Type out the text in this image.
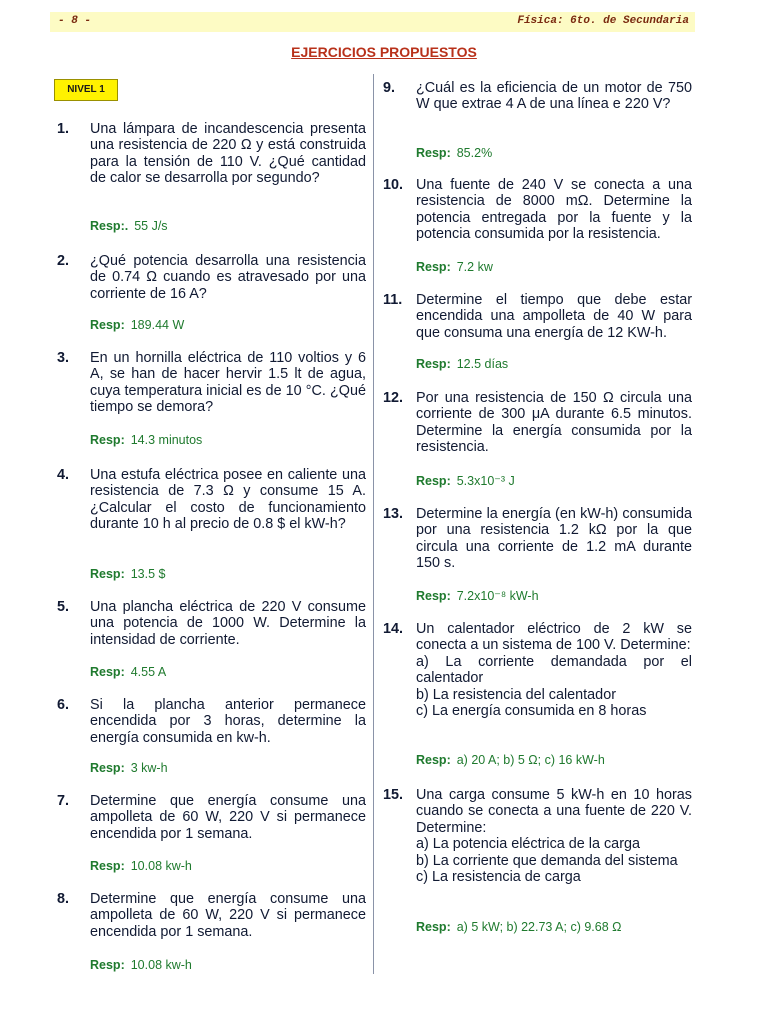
- 8 -	Física: 6to. de Secundaria
EJERCICIOS PROPUESTOS
NIVEL 1
1. Una lámpara de incandescencia presenta una resistencia de 220 Ω y está construida para la tensión de 110 V. ¿Qué cantidad de calor se desarrolla por segundo?
Resp:. 55 J/s
2. ¿Qué potencia desarrolla una resistencia de 0.74 Ω cuando es atravesado por una corriente de 16 A?
Resp: 189.44 W
3. En un hornilla eléctrica de 110 voltios y 6 A, se han de hacer hervir 1.5 lt de agua, cuya temperatura inicial es de 10 °C. ¿Qué tiempo se demora?
Resp: 14.3 minutos
4. Una estufa eléctrica posee en caliente una resistencia de 7.3 Ω y consume 15 A. ¿Calcular el costo de funcionamiento durante 10 h al precio de 0.8 $ el kW-h?
Resp: 13.5 $
5. Una plancha eléctrica de 220 V consume una potencia de 1000 W. Determine la intensidad de corriente.
Resp: 4.55 A
6. Si la plancha anterior permanece encendida por 3 horas, determine la energía consumida en kw-h.
Resp: 3 kw-h
7. Determine que energía consume una ampolleta de 60 W, 220 V si permanece encendida por 1 semana.
Resp: 10.08 kw-h
8. Determine que energía consume una ampolleta de 60 W, 220 V si permanece encendida por 1 semana.
Resp: 10.08 kw-h
9. ¿Cuál es la eficiencia de un motor de 750 W que extrae 4 A de una línea e 220 V?
Resp: 85.2%
10. Una fuente de 240 V se conecta a una resistencia de 8000 mΩ. Determine la potencia entregada por la fuente y la potencia consumida por la resistencia.
Resp: 7.2 kw
11. Determine el tiempo que debe estar encendida una ampolleta de 40 W para que consuma una energía de 12 KW-h.
Resp: 12.5 días
12. Por una resistencia de 150 Ω circula una corriente de 300 μA durante 6.5 minutos. Determine la energía consumida por la resistencia.
Resp: 5.3x10⁻³ J
13. Determine la energía (en kW-h) consumida por una resistencia 1.2 kΩ por la que circula una corriente de 1.2 mA durante 150 s.
Resp: 7.2x10⁻⁸ kW-h
14. Un calentador eléctrico de 2 kW se conecta a un sistema de 100 V. Determine:
a) La corriente demandada por el calentador
b) La resistencia del calentador
c) La energía consumida en 8 horas
Resp: a) 20 A; b) 5 Ω; c) 16 kW-h
15. Una carga consume 5 kW-h en 10 horas cuando se conecta a una fuente de 220 V. Determine:
a) La potencia eléctrica de la carga
b) La corriente que demanda del sistema
c) La resistencia de carga
Resp: a) 5 kW; b) 22.73 A; c) 9.68 Ω
